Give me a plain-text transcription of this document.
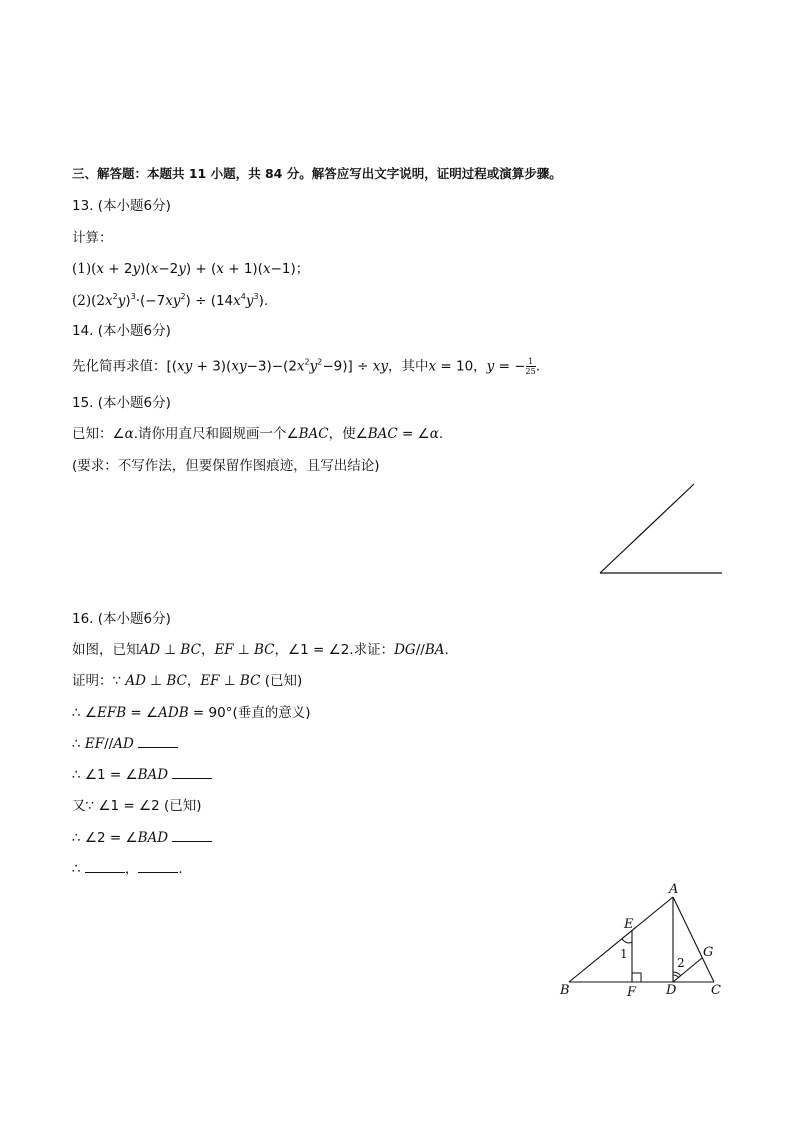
三、解答题：本题共 11 小题，共 84 分。解答应写出文字说明，证明过程或演算步骤。
13. (本小题6分)
计算：
(1)(x + 2y)(x−2y) + (x + 1)(x−1)；
$(2)(2x^2y)^3\cdot(-7xy^2) \div (14x^4y^3)$.
14. (本小题6分)
先化简再求值：$[(xy + 3)(xy-3)-(2x^2y^2-9)]$ ÷ xy，其中x = 10，y = − $\frac{1}{25}$ .
15. (本小题6分)
已知：∠α.请你用直尺和圆规画一个∠BAC，使∠BAC = ∠α.
(要求：不写作法，但要保留作图痕迹，且写出结论)
16. (本小题6分)
如图，已知AD ⊥ BC，EF ⊥ BC，∠1 = ∠2.求证：DG//BA.
证明：∵ AD ⊥ BC，EF ⊥ BC (已知)
∴ ∠EFB = ∠ADB = 90°(垂直的意义)
∴ EF//AD
∴ ∠1 = ∠BAD
又∵ ∠1 = ∠2 (已知)
∴ ∠2 = ∠BAD
∴	，	.
A
B	C
D
E
F
G
1
2
